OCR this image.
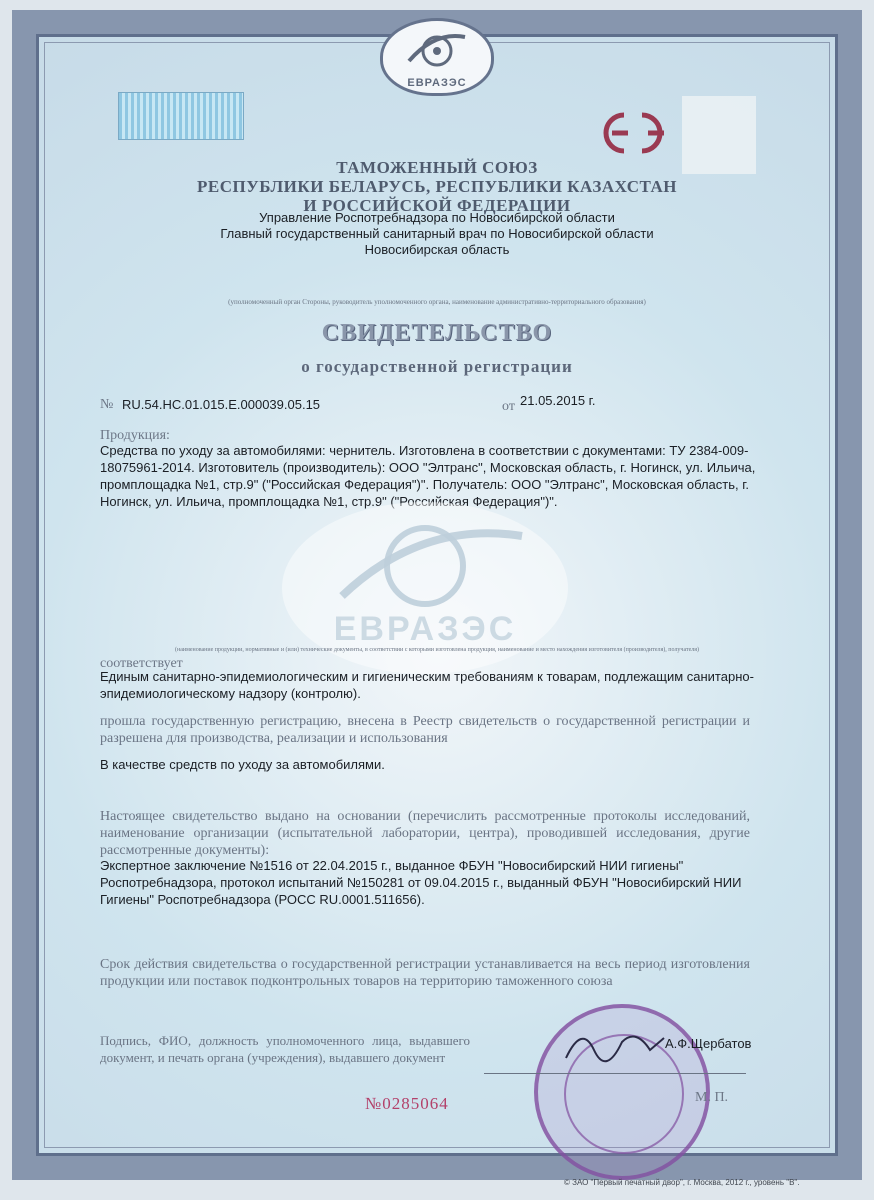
ЕВРАЗЭС
ТАМОЖЕННЫЙ СОЮЗ
РЕСПУБЛИКИ БЕЛАРУСЬ, РЕСПУБЛИКИ КАЗАХСТАН
И РОССИЙСКОЙ ФЕДЕРАЦИИ
Управление Роспотребнадзора по Новосибирской области
Главный государственный санитарный врач по Новосибирской области
Новосибирская область
(уполномоченный орган Стороны, руководитель уполномоченного органа, наименование административно-территориального образования)
СВИДЕТЕЛЬСТВО
о государственной регистрации
№ RU.54.НС.01.015.Е.000039.05.15	от 21.05.2015 г.
Продукция:
Средства по уходу за автомобилями: чернитель. Изготовлена в соответствии с документами: ТУ 2384-009-18075961-2014. Изготовитель (производитель): ООО "Элтранс", Московская область, г. Ногинск, ул. Ильича, промплощадка №1, стр.9" ("Российская Федерация")". Получатель: ООО "Элтранс", Московская область, г. Ногинск, ул. Ильича, промплощадка №1, стр.9" ("Российская Федерация")".
ЕВРАЗЭС
(наименование продукции, нормативные и (или) технические документы, в соответствии с которыми изготовлена продукция, наименование и место нахождения изготовителя (производителя), получателя)
соответствует
Единым санитарно-эпидемиологическим и гигиеническим требованиям к товарам, подлежащим санитарно-эпидемиологическому надзору (контролю).
прошла государственную регистрацию, внесена в Реестр свидетельств о государственной регистрации и разрешена для производства, реализации и использования
В качестве средств по уходу за автомобилями.
Настоящее свидетельство выдано на основании (перечислить рассмотренные протоколы исследований, наименование организации (испытательной лаборатории, центра), проводившей исследования, другие рассмотренные документы):
Экспертное заключение №1516 от 22.04.2015 г., выданное ФБУН "Новосибирский НИИ гигиены" Роспотребнадзора, протокол испытаний №150281 от 09.04.2015 г., выданный ФБУН "Новосибирский НИИ Гигиены" Роспотребнадзора (РОСС RU.0001.511656).
Срок действия свидетельства о государственной регистрации устанавливается на весь период изготовления продукции или поставок подконтрольных товаров на территорию таможенного союза
Подпись, ФИО, должность уполномоченного лица, выдавшего документ, и печать органа (учреждения), выдавшего документ
А.Ф.Щербатов
М. П.
№0285064
© ЗАО "Первый печатный двор", г. Москва, 2012 г., уровень "В".
